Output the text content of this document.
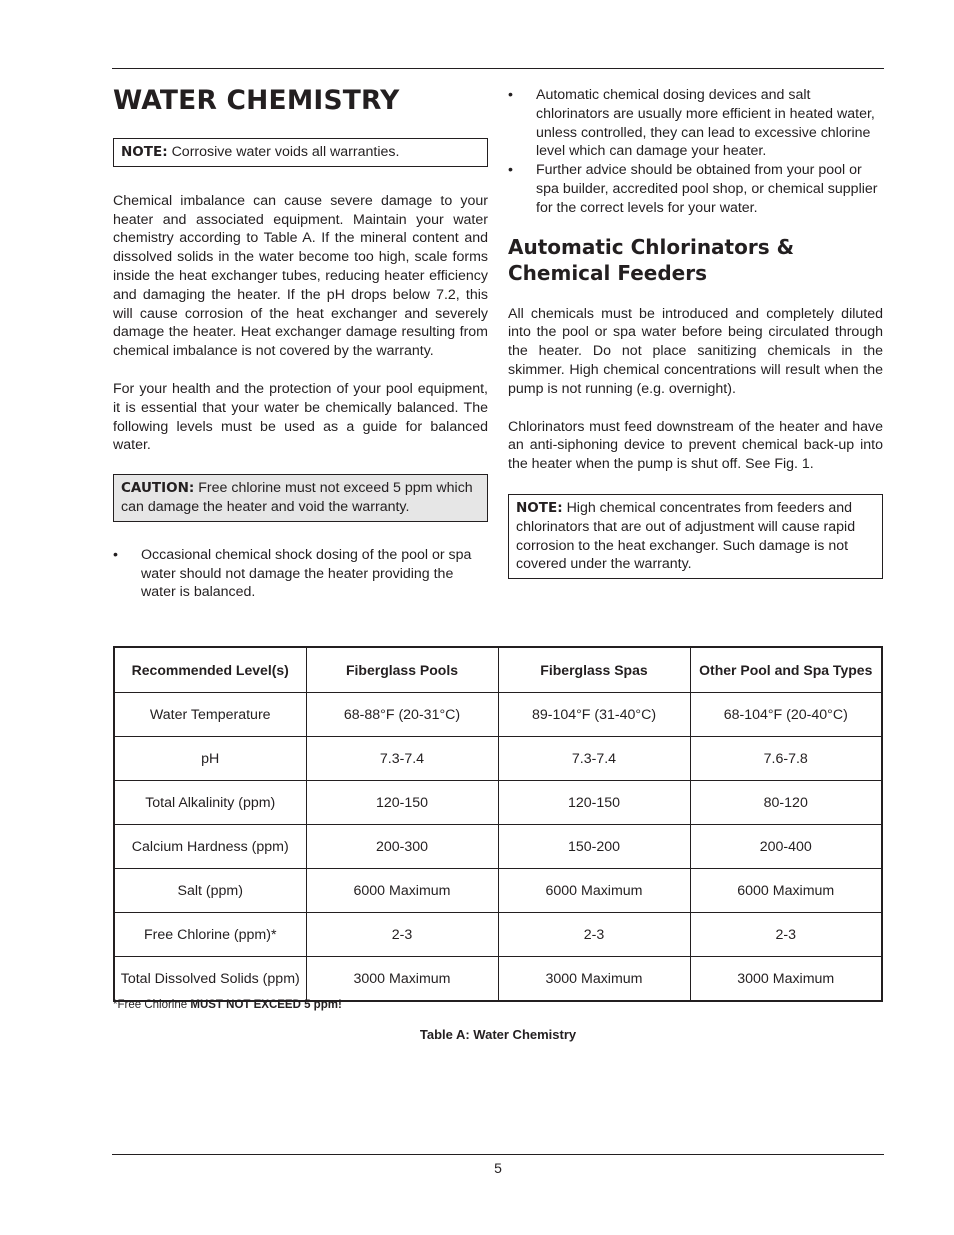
WATER CHEMISTRY
NOTE: Corrosive water voids all warranties.

Chemical imbalance can cause severe damage to your heater and associated equipment. Maintain your water chemistry according to Table A. If the mineral content and dissolved solids in the water become too high, scale forms inside the heat exchanger tubes, reducing heater efficiency and damaging the heater. If the pH drops below 7.2, this will cause corrosion of the heat exchanger and severely damage the heater. Heat exchanger damage resulting from chemical imbalance is not covered by the warranty.

For your health and the protection of your pool equipment, it is essential that your water be chemically balanced. The following levels must be used as a guide for balanced water.

CAUTION: Free chlorine must not exceed 5 ppm which can damage the heater and void the warranty.
• Occasional chemical shock dosing of the pool or spa water should not damage the heater providing the water is balanced.
• Automatic chemical dosing devices and salt chlorinators are usually more efficient in heated water, unless controlled, they can lead to excessive chlorine level which can damage your heater.
• Further advice should be obtained from your pool or spa builder, accredited pool shop, or chemical supplier for the correct levels for your water.
Automatic Chlorinators & Chemical Feeders

All chemicals must be introduced and completely diluted into the pool or spa water before being circulated through the heater. Do not place sanitizing chemicals in the skimmer. High chemical concentrations will result when the pump is not running (e.g. overnight).

Chlorinators must feed downstream of the heater and have an anti-siphoning device to prevent chemical back-up into the heater when the pump is shut off. See Fig. 1.

NOTE: High chemical concentrates from feeders and chlorinators that are out of adjustment will cause rapid corrosion to the heat exchanger. Such damage is not covered under the warranty.
Recommended Level(s)	Fiberglass Pools	Fiberglass Spas	Other Pool and Spa Types
Water Temperature	68-88°F (20-31°C)	89-104°F (31-40°C)	68-104°F (20-40°C)
pH	7.3-7.4	7.3-7.4	7.6-7.8
Total Alkalinity (ppm)	120-150	120-150	80-120
Calcium Hardness (ppm)	200-300	150-200	200-400
Salt (ppm)	6000 Maximum	6000 Maximum	6000 Maximum
Free Chlorine (ppm)*	2-3	2-3	2-3
Total Dissolved Solids (ppm)	3000 Maximum	3000 Maximum	3000 Maximum
*Free Chlorine MUST NOT EXCEED 5 ppm!
Table A: Water Chemistry
5
